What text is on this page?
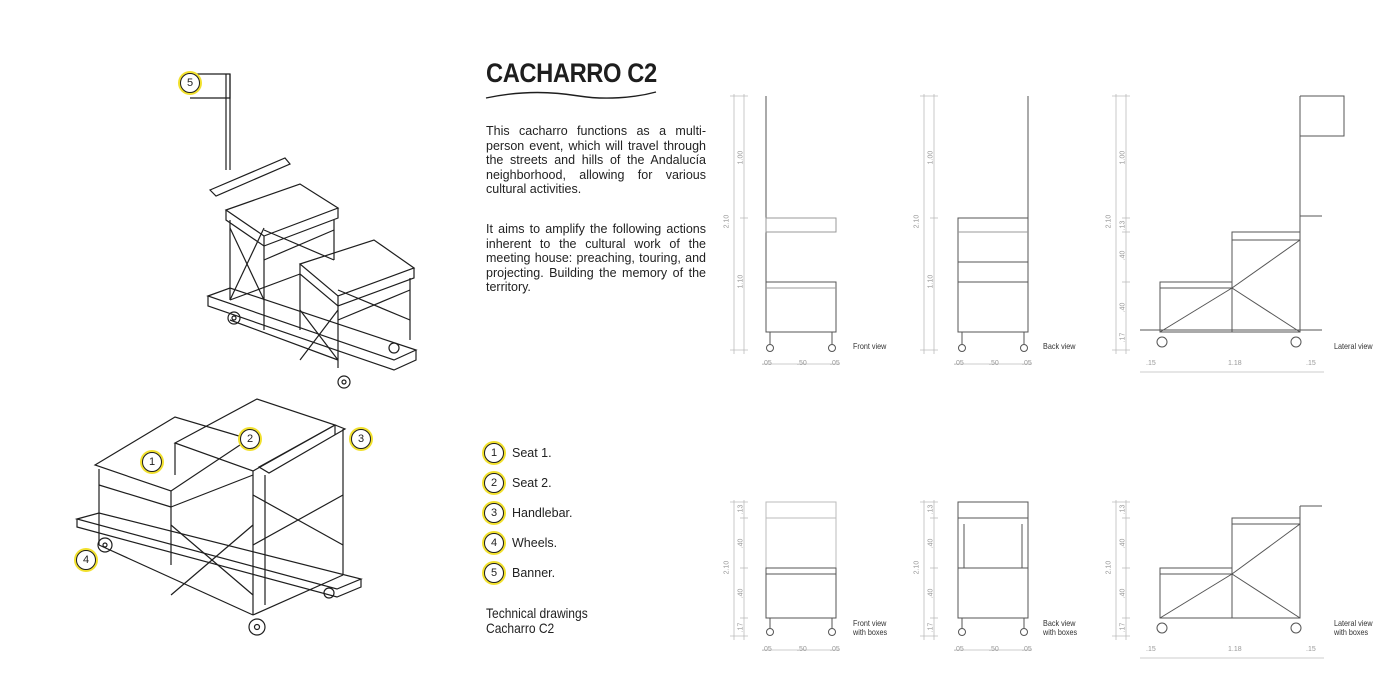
5
1
2	3
4
CACHARRO C2
This cacharro functions as a multi-person event, which will travel through the streets and hills of the Andalucía neighborhood, allowing for various cultural activities.
It aims to amplify the following actions inherent to the cultural work of the meeting house: preaching, touring, and projecting. Building the memory of the territory.
1	Seat 1.
2	Seat 2.
3	Handlebar.
4	Wheels.
5	Banner.
Technical drawings
Cacharro C2
2.10
1.00
1.10
.05	.50	.05
Front view
2.10
1.00
1.10
.05	.50	.05
Back view
2.10
1.00
.13
.40
.40
.17
.15	1.18	.15
Lateral view
2.10
.13
.40
.40
.17
.05	.50	.05
Front view
with boxes
2.10
.13
.40
.40
.17
.05	.50	.05
Back view
with boxes
2.10
.13
.40
.40
.17
.15	1.18	.15
Lateral view
with boxes
